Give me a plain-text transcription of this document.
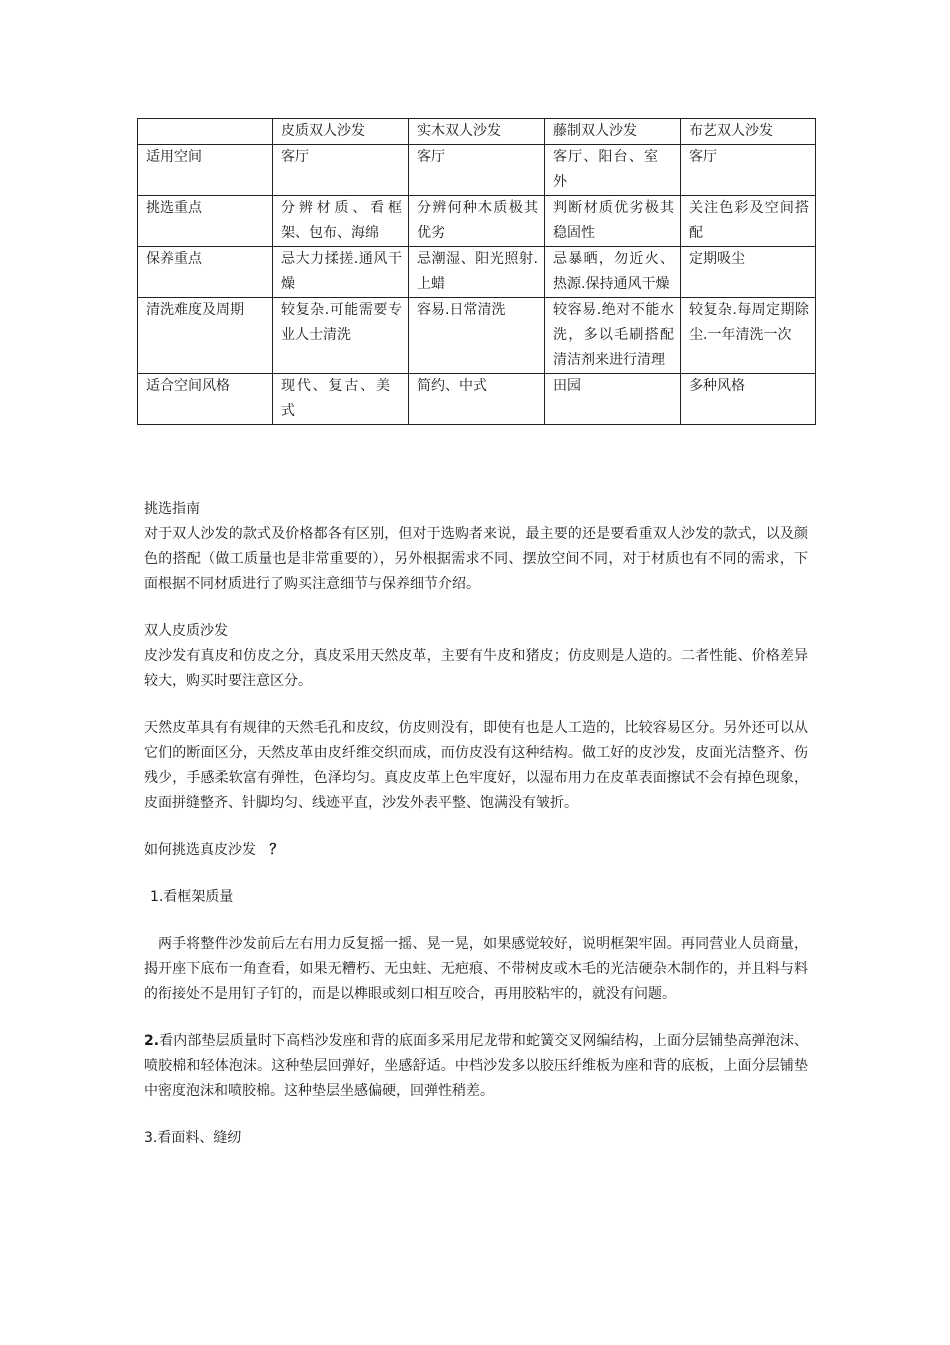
	皮质双人沙发	实木双人沙发	藤制双人沙发	布艺双人沙发
适用空间	客厅	客厅	客厅、阳台、室外	客厅
挑选重点	分辨材质、看框架、包布、海绵	分辨何种木质极其优劣	判断材质优劣极其稳固性	关注色彩及空间搭配
保养重点	忌大力揉搓.通风干燥	忌潮湿、阳光照射.上蜡	忌暴晒，勿近火、热源.保持通风干燥	定期吸尘
清洗难度及周期	较复杂.可能需要专业人士清洗	容易.日常清洗	较容易.绝对不能水洗，多以毛刷搭配清洁剂来进行清理	较复杂.每周定期除尘.一年清洗一次
适合空间风格	现代、复古、美式	简约、中式	田园	多种风格

挑选指南

对于双人沙发的款式及价格都各有区别，但对于选购者来说，最主要的还是要看重双人沙发的款式，以及颜色的搭配（做工质量也是非常重要的），另外根据需求不同、摆放空间不同，对于材质也有不同的需求，下面根据不同材质进行了购买注意细节与保养细节介绍。

双人皮质沙发

皮沙发有真皮和仿皮之分，真皮采用天然皮革，主要有牛皮和猪皮；仿皮则是人造的。二者性能、价格差异较大，购买时要注意区分。

天然皮革具有有规律的天然毛孔和皮纹，仿皮则没有，即使有也是人工造的，比较容易区分。另外还可以从它们的断面区分，天然皮革由皮纤维交织而成，而仿皮没有这种结构。做工好的皮沙发，皮面光洁整齐、伤残少，手感柔软富有弹性，色泽均匀。真皮皮革上色牢度好，以湿布用力在皮革表面擦试不会有掉色现象，皮面拼缝整齐、针脚均匀、线迹平直，沙发外表平整、饱满没有皱折。

如何挑选真皮沙发 ？

1.看框架质量

两手将整件沙发前后左右用力反复摇一摇、晃一晃，如果感觉较好，说明框架牢固。再同营业人员商量，揭开座下底布一角查看，如果无糟朽、无虫蛀、无疤痕、不带树皮或木毛的光洁硬杂木制作的，并且料与料的衔接处不是用钉子钉的，而是以榫眼或刻口相互咬合，再用胶粘牢的，就没有问题。

2.看内部垫层质量时下高档沙发座和背的底面多采用尼龙带和蛇簧交叉网编结构，上面分层铺垫高弹泡沫、喷胶棉和轻体泡沫。这种垫层回弹好，坐感舒适。中档沙发多以胶压纤维板为座和背的底板，上面分层铺垫中密度泡沫和喷胶棉。这种垫层坐感偏硬，回弹性稍差。

3.看面料、缝纫
